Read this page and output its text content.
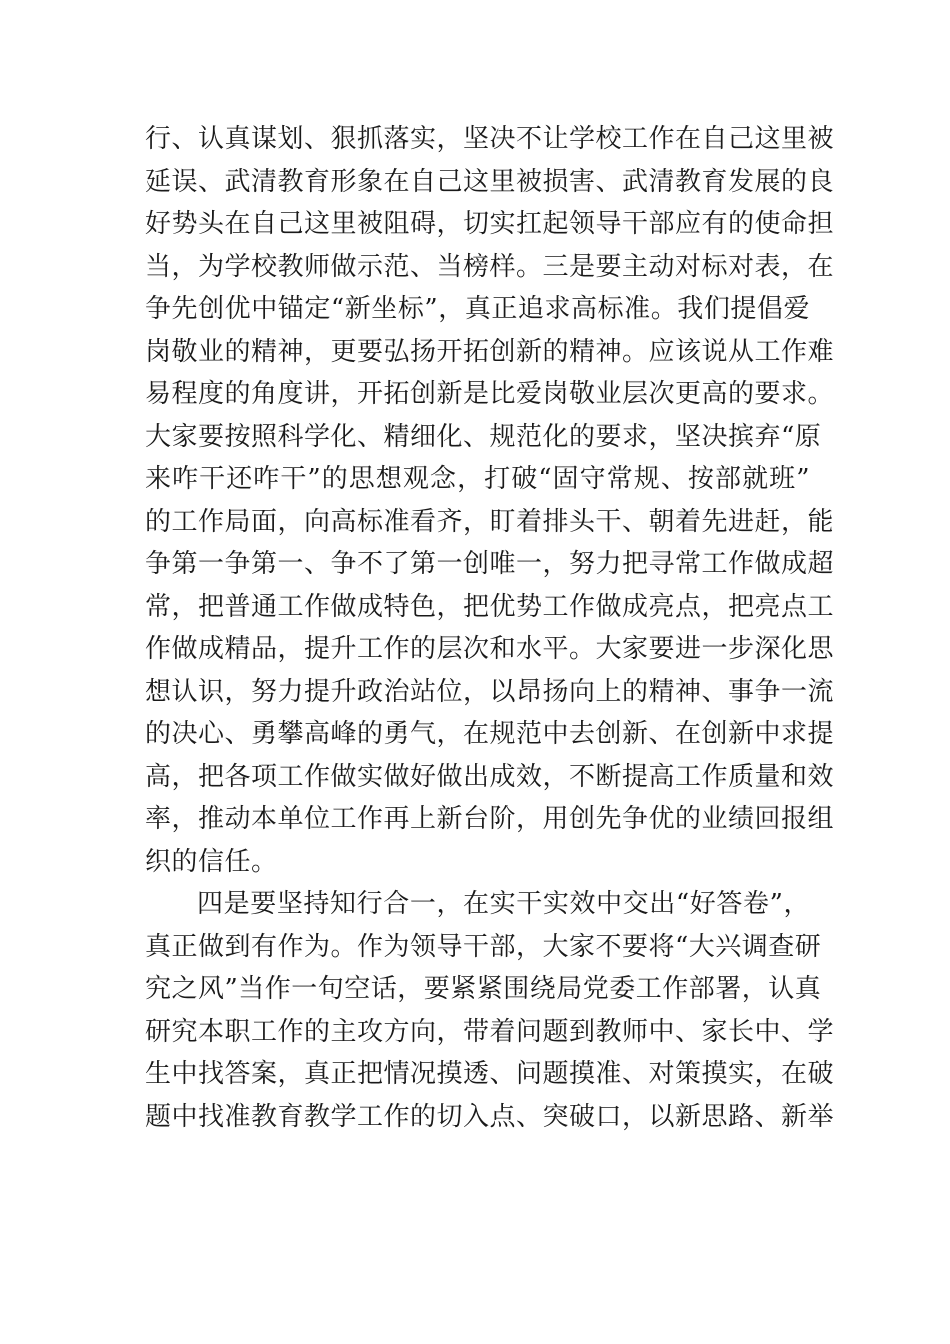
行、认真谋划、狠抓落实，坚决不让学校工作在自己这里被
延误、武清教育形象在自己这里被损害、武清教育发展的良
好势头在自己这里被阻碍，切实扛起领导干部应有的使命担
当，为学校教师做示范、当榜样。三是要主动对标对表，在
争先创优中锚定“新坐标”，真正追求高标准。我们提倡爱
岗敬业的精神，更要弘扬开拓创新的精神。应该说从工作难
易程度的角度讲，开拓创新是比爱岗敬业层次更高的要求。
大家要按照科学化、精细化、规范化的要求，坚决摈弃“原
来咋干还咋干”的思想观念，打破“固守常规、按部就班”
的工作局面，向高标准看齐，盯着排头干、朝着先进赶，能
争第一争第一、争不了第一创唯一，努力把寻常工作做成超
常，把普通工作做成特色，把优势工作做成亮点，把亮点工
作做成精品，提升工作的层次和水平。大家要进一步深化思
想认识，努力提升政治站位，以昂扬向上的精神、事争一流
的决心、勇攀高峰的勇气，在规范中去创新、在创新中求提
高，把各项工作做实做好做出成效，不断提高工作质量和效
率，推动本单位工作再上新台阶，用创先争优的业绩回报组
织的信任。
四是要坚持知行合一，在实干实效中交出“好答卷”，
真正做到有作为。作为领导干部，大家不要将“大兴调查研
究之风”当作一句空话，要紧紧围绕局党委工作部署，认真
研究本职工作的主攻方向，带着问题到教师中、家长中、学
生中找答案，真正把情况摸透、问题摸准、对策摸实，在破
题中找准教育教学工作的切入点、突破口，以新思路、新举
